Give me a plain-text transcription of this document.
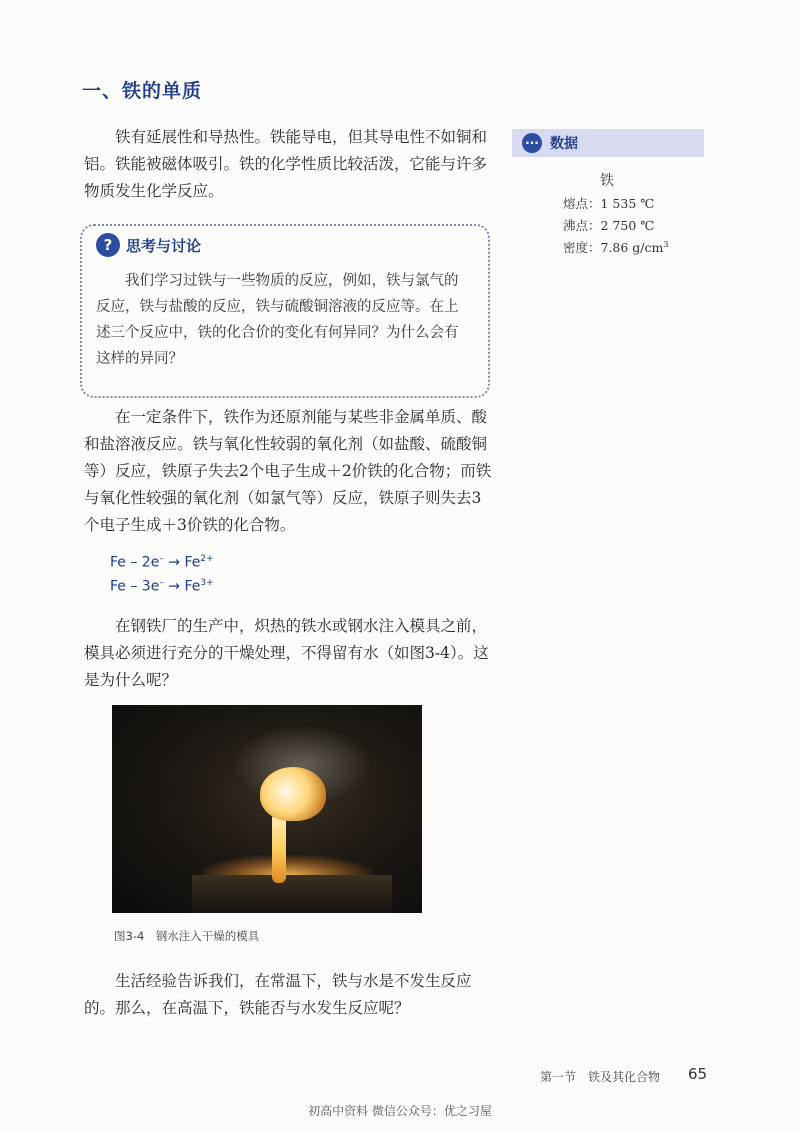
一、铁的单质

铁有延展性和导热性。铁能导电，但其导电性不如铜和铝。铁能被磁体吸引。铁的化学性质比较活泼，它能与许多物质发生化学反应。

? 思考与讨论

我们学习过铁与一些物质的反应，例如，铁与氯气的反应，铁与盐酸的反应，铁与硫酸铜溶液的反应等。在上述三个反应中，铁的化合价的变化有何异同？为什么会有这样的异同？

在一定条件下，铁作为还原剂能与某些非金属单质、酸和盐溶液反应。铁与氧化性较弱的氧化剂（如盐酸、硫酸铜等）反应，铁原子失去2个电子生成＋2价铁的化合物；而铁与氧化性较强的氧化剂（如氯气等）反应，铁原子则失去3个电子生成＋3价铁的化合物。

$Fe - 2e^- \to Fe^{2+}$
$Fe - 3e^- \to Fe^{3+}$

在钢铁厂的生产中，炽热的铁水或钢水注入模具之前，模具必须进行充分的干燥处理，不得留有水（如图3-4）。这是为什么呢？

图3-4　钢水注入干燥的模具

生活经验告诉我们，在常温下，铁与水是不发生反应的。那么，在高温下，铁能否与水发生反应呢？

··· 数据
铁
熔点：1 535 ℃
沸点：2 750 ℃
密度：7.86 $g/cm^3$
第一节　铁及其化合物 65
初高中资料 微信公众号：优之习屋
